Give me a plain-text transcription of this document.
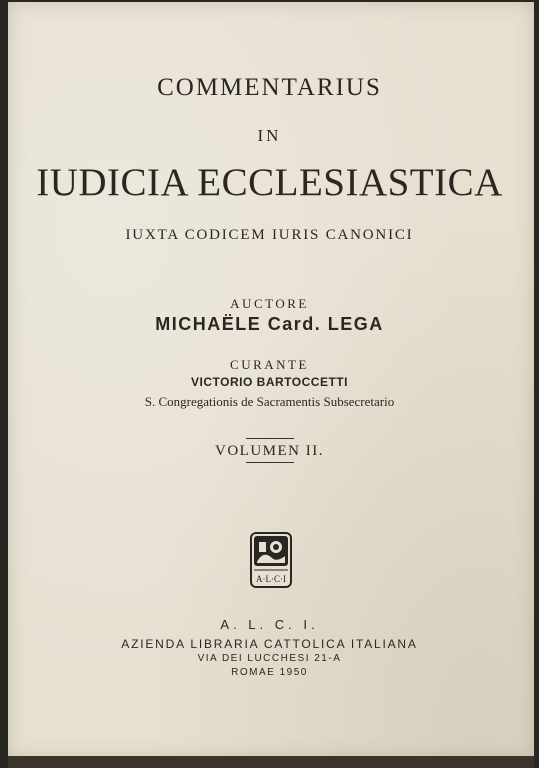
COMMENTARIUS
IN
IUDICIA ECCLESIASTICA
IUXTA CODICEM IURIS CANONICI
AUCTORE
MICHAËLE Card. LEGA
CURANTE
VICTORIO BARTOCCETTI
S. Congregationis de Sacramentis Subsecretario
VOLUMEN II.
A·L·C·I
A. L. C. I.
AZIENDA LIBRARIA CATTOLICA ITALIANA
VIA DEI LUCCHESI 21-A
ROMAE 1950
